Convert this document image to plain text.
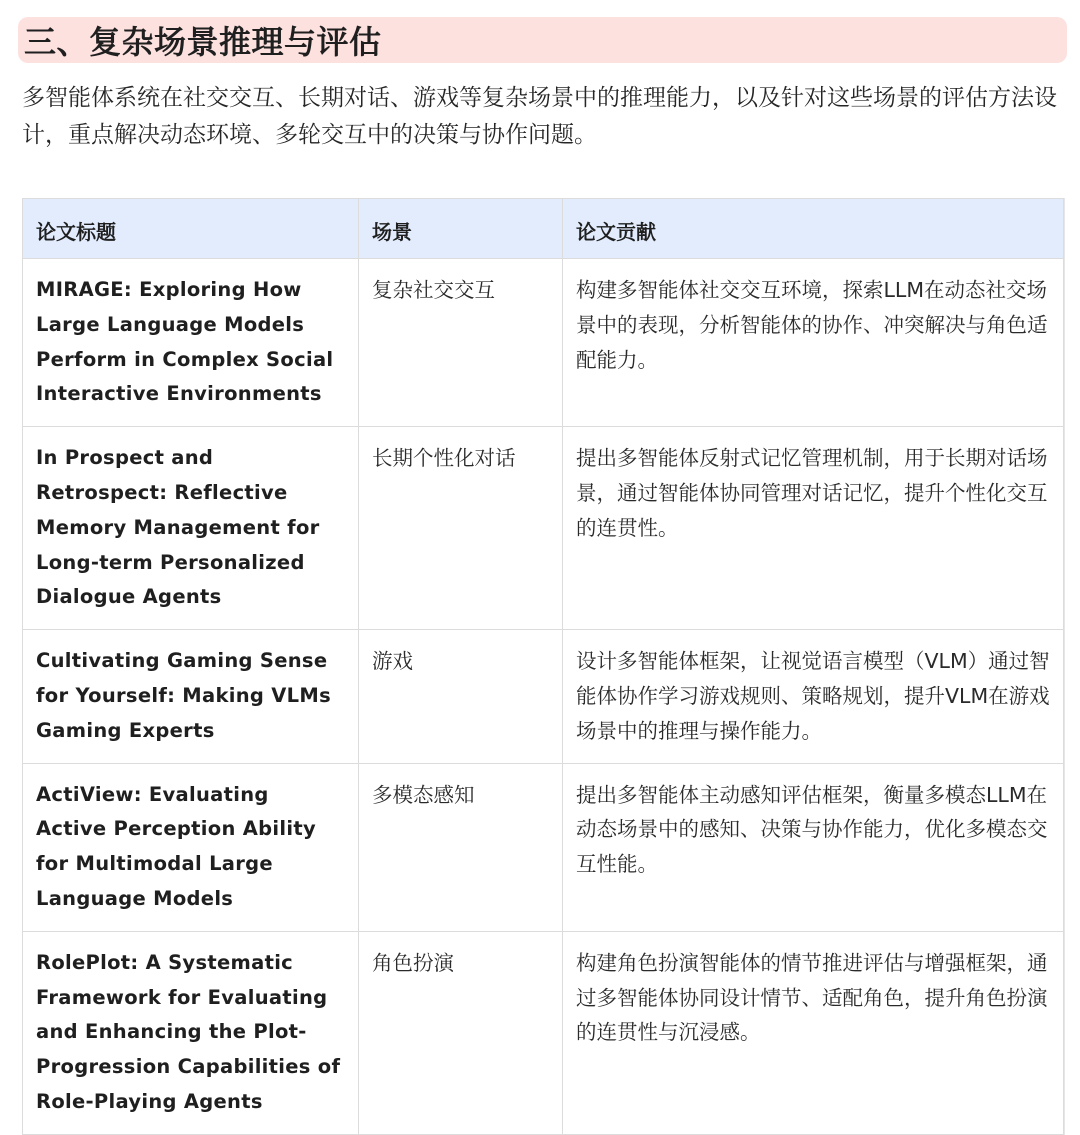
三、复杂场景推理与评估

多智能体系统在社交交互、长期对话、游戏等复杂场景中的推理能力，以及针对这些场景的评估方法设计，重点解决动态环境、多轮交互中的决策与协作问题。

论文标题	场景	论文贡献
MIRAGE: Exploring How Large Language Models Perform in Complex Social Interactive Environments	复杂社交交互	构建多智能体社交交互环境，探索LLM在动态社交场景中的表现，分析智能体的协作、冲突解决与角色适配能力。
In Prospect and Retrospect: Reflective Memory Management for Long-term Personalized Dialogue Agents	长期个性化对话	提出多智能体反射式记忆管理机制，用于长期对话场景，通过智能体协同管理对话记忆，提升个性化交互的连贯性。
Cultivating Gaming Sense for Yourself: Making VLMs Gaming Experts	游戏	设计多智能体框架，让视觉语言模型（VLM）通过智能体协作学习游戏规则、策略规划，提升VLM在游戏场景中的推理与操作能力。
ActiView: Evaluating Active Perception Ability for Multimodal Large Language Models	多模态感知	提出多智能体主动感知评估框架，衡量多模态LLM在动态场景中的感知、决策与协作能力，优化多模态交互性能。
RolePlot: A Systematic Framework for Evaluating and Enhancing the Plot-Progression Capabilities of Role-Playing Agents	角色扮演	构建角色扮演智能体的情节推进评估与增强框架，通过多智能体协同设计情节、适配角色，提升角色扮演的连贯性与沉浸感。
